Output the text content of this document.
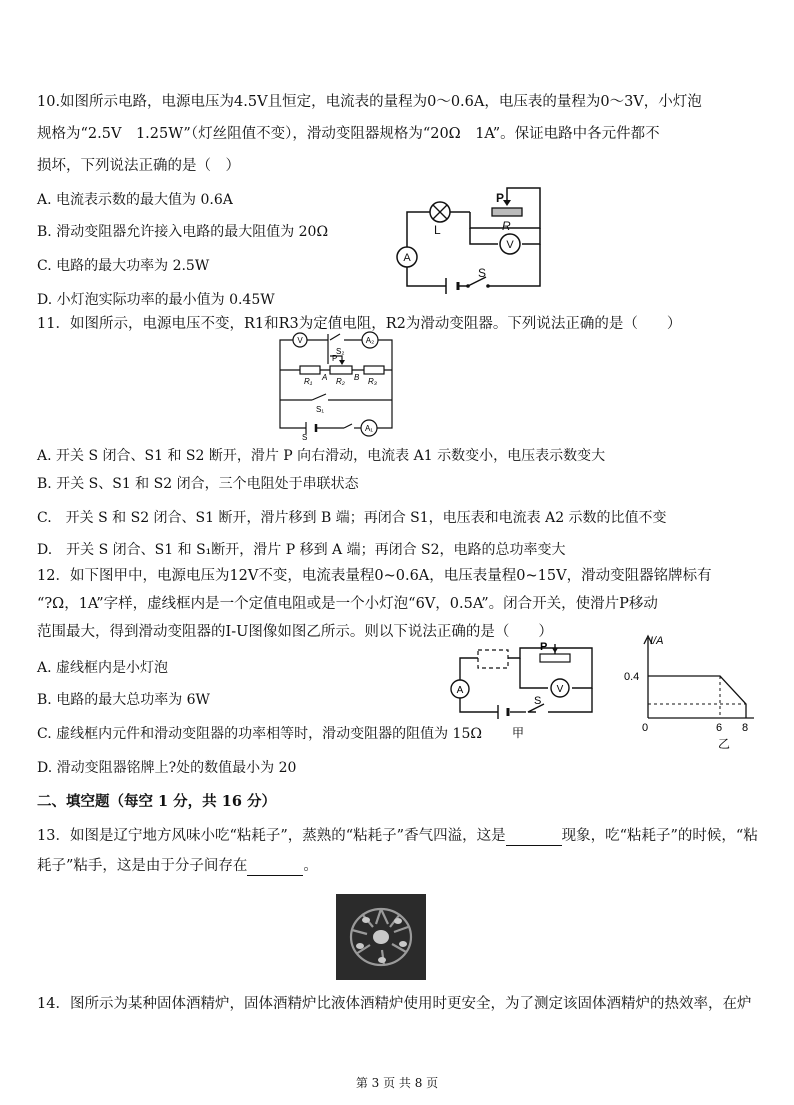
10.如图所示电路，电源电压为4.5V且恒定，电流表的量程为0～0.6A，电压表的量程为0～3V，小灯泡
规格为“2.5V　1.25W”（灯丝阻值不变），滑动变阻器规格为“20Ω　1A”。保证电路中各元件都不
损坏，下列说法正确的是（　）
A. 电流表示数的最大值为 0.6A
B. 滑动变阻器允许接入电路的最大阻值为 20Ω
C. 电路的最大功率为 2.5W
D. 小灯泡实际功率的最小值为 0.45W
A
V
P
R
L
S
11．如图所示，电源电压不变，R1和R3为定值电阻，R2为滑动变阻器。下列说法正确的是（　　）
V	A₂
A₁
S₂
P
R₁	R₂	R₃
A	B
S₁
S
A. 开关 S 闭合、S1 和 S2 断开，滑片 P 向右滑动，电流表 A1 示数变小，电压表示数变大
B. 开关 S、S1 和 S2 闭合，三个电阻处于串联状态
C.　开关 S 和 S2 闭合、S1 断开，滑片移到 B 端；再闭合 S1，电压表和电流表 A2 示数的比值不变
D.　开关 S 闭合、S1 和 S₁断开，滑片 P 移到 A 端；再闭合 S2，电路的总功率变大
12．如下图甲中，电源电压为12V不变，电流表量程0~0.6A，电压表量程0~15V，滑动变阻器铭牌标有
“?Ω，1A”字样，虚线框内是一个定值电阻或是一个小灯泡“6V，0.5A”。闭合开关，使滑片P移动
范围最大，得到滑动变阻器的I-U图像如图乙所示。则以下说法正确的是（　　）
A. 虚线框内是小灯泡
B. 电路的最大总功率为 6W
C. 虚线框内元件和滑动变阻器的功率相等时，滑动变阻器的阻值为 15Ω
D. 滑动变阻器铭牌上?处的数值最小为 20
A	V
P
S
甲
I/A
0.4
0	6 8
乙
二、填空题（每空 1 分，共 16 分）
13．如图是辽宁地方风味小吃“粘耗子”，蒸熟的“粘耗子”香气四溢，这是	现象，吃“粘耗子”的时候，“粘
耗子”粘手，这是由于分子间存在	。
14．图所示为某种固体酒精炉，固体酒精炉比液体酒精炉使用时更安全，为了测定该固体酒精炉的热效率，在炉
第 3 页 共 8 页
